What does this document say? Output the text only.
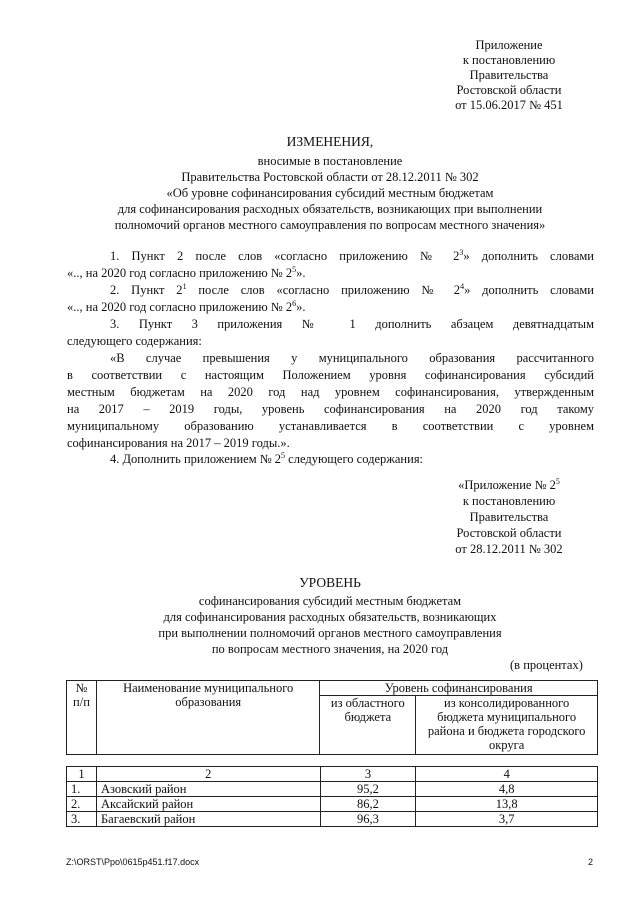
Приложение
к постановлению
Правительства
Ростовской области
от 15.06.2017 № 451
ИЗМЕНЕНИЯ,
вносимые в постановление
Правительства Ростовской области от 28.12.2011 № 302
«Об уровне софинансирования субсидий местным бюджетам
для софинансирования расходных обязательств, возникающих при выполнении
полномочий органов местного самоуправления по вопросам местного значения»
1. Пункт 2 после слов «согласно приложению № $2^3$» дополнить словами
«.., на 2020 год согласно приложению № $2^5$».
2. Пункт $2^1$ после слов «согласно приложению № $2^4$» дополнить словами
«.., на 2020 год согласно приложению № $2^6$».
3. Пункт 3 приложения № 1 дополнить абзацем девятнадцатым
следующего содержания:
«В случае превышения у муниципального образования рассчитанного
в соответствии с настоящим Положением уровня софинансирования субсидий
местным бюджетам на 2020 год над уровнем софинансирования, утвержденным
на 2017 – 2019 годы, уровень софинансирования на 2020 год такому
муниципальному образованию устанавливается в соответствии с уровнем
софинансирования на 2017 – 2019 годы.».
4. Дополнить приложением № $2^5$ следующего содержания:
«Приложение № $2^5$
к постановлению
Правительства
Ростовской области
от 28.12.2011 № 302
УРОВЕНЬ
софинансирования субсидий местным бюджетам
для софинансирования расходных обязательств, возникающих
при выполнении полномочий органов местного самоуправления
по вопросам местного значения, на 2020 год
(в процентах)
№ п/п	Наименование муниципального образования	Уровень софинансирования	
		из областного бюджета	из консолидированного бюджета муниципального района и бюджета городского округа
1	2	3	4
1.	Азовский район	95,2	4,8
2.	Аксайский район	86,2	13,8
3.	Багаевский район	96,3	3,7
Z:\ORST\Ppo\0615p451.f17.docx	2
